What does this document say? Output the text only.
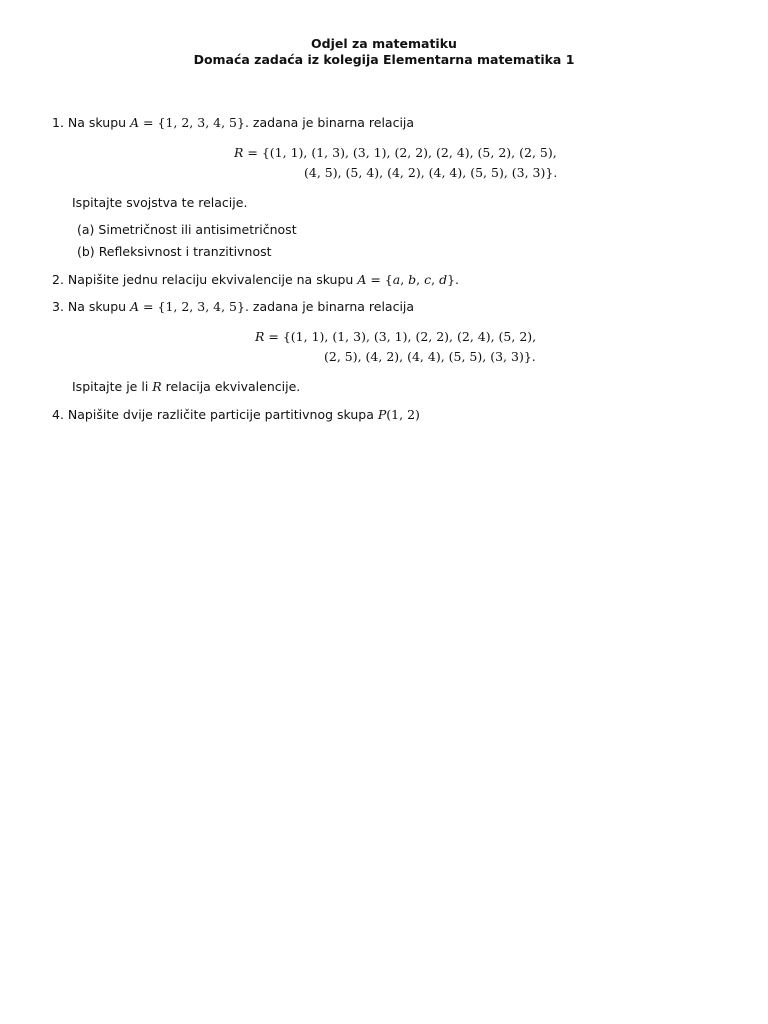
Odjel za matematiku
Domaća zadaća iz kolegija Elementarna matematika 1
1. Na skupu A = {1, 2, 3, 4, 5}. zadana je binarna relacija
R = {(1, 1), (1, 3), (3, 1), (2, 2), (2, 4), (5, 2), (2, 5),
(4, 5), (5, 4), (4, 2), (4, 4), (5, 5), (3, 3)}.
Ispitajte svojstva te relacije.
(a) Simetričnost ili antisimetričnost
(b) Refleksivnost i tranzitivnost
2. Napišite jednu relaciju ekvivalencije na skupu A = {a, b, c, d}.
3. Na skupu A = {1, 2, 3, 4, 5}. zadana je binarna relacija
R = {(1, 1), (1, 3), (3, 1), (2, 2), (2, 4), (5, 2),
(2, 5), (4, 2), (4, 4), (5, 5), (3, 3)}.
Ispitajte je li R relacija ekvivalencije.
4. Napišite dvije različite particije partitivnog skupa P(1, 2)
